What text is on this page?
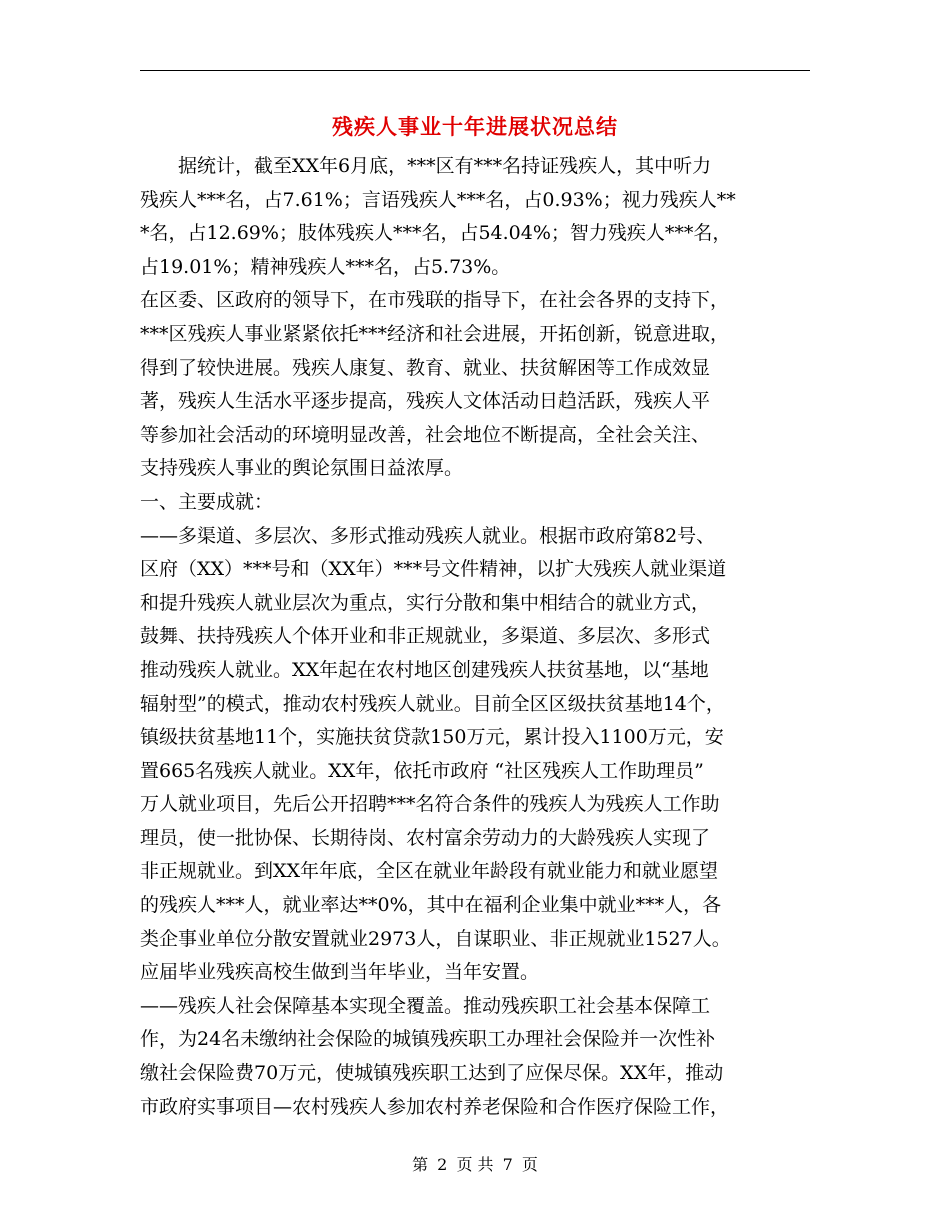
残疾人事业十年进展状况总结
　　据统计，截至XX年6月底，***区有***名持证残疾人，其中听力
残疾人***名，占7.61%；言语残疾人***名，占0.93%；视力残疾人**
*名，占12.69%；肢体残疾人***名，占54.04%；智力残疾人***名，
占19.01%；精神残疾人***名，占5.73%。
在区委、区政府的领导下，在市残联的指导下，在社会各界的支持下，
***区残疾人事业紧紧依托***经济和社会进展，开拓创新，锐意进取，
得到了较快进展。残疾人康复、教育、就业、扶贫解困等工作成效显
著，残疾人生活水平逐步提高，残疾人文体活动日趋活跃，残疾人平
等参加社会活动的环境明显改善，社会地位不断提高，全社会关注、
支持残疾人事业的舆论氛围日益浓厚。
一、主要成就：
——多渠道、多层次、多形式推动残疾人就业。根据市政府第82号、
区府（XX）***号和（XX年）***号文件精神，以扩大残疾人就业渠道
和提升残疾人就业层次为重点，实行分散和集中相结合的就业方式，
鼓舞、扶持残疾人个体开业和非正规就业，多渠道、多层次、多形式
推动残疾人就业。XX年起在农村地区创建残疾人扶贫基地，以“基地
辐射型”的模式，推动农村残疾人就业。目前全区区级扶贫基地14个，
镇级扶贫基地11个，实施扶贫贷款150万元，累计投入1100万元，安
置665名残疾人就业。XX年，依托市政府 “社区残疾人工作助理员”
万人就业项目，先后公开招聘***名符合条件的残疾人为残疾人工作助
理员，使一批协保、长期待岗、农村富余劳动力的大龄残疾人实现了
非正规就业。到XX年年底，全区在就业年龄段有就业能力和就业愿望
的残疾人***人，就业率达**0%，其中在福利企业集中就业***人，各
类企事业单位分散安置就业2973人，自谋职业、非正规就业1527人。
应届毕业残疾高校生做到当年毕业，当年安置。
——残疾人社会保障基本实现全覆盖。推动残疾职工社会基本保障工
作，为24名未缴纳社会保险的城镇残疾职工办理社会保险并一次性补
缴社会保险费70万元，使城镇残疾职工达到了应保尽保。XX年，推动
市政府实事项目—农村残疾人参加农村养老保险和合作医疗保险工作，
第 2 页 共 7 页
